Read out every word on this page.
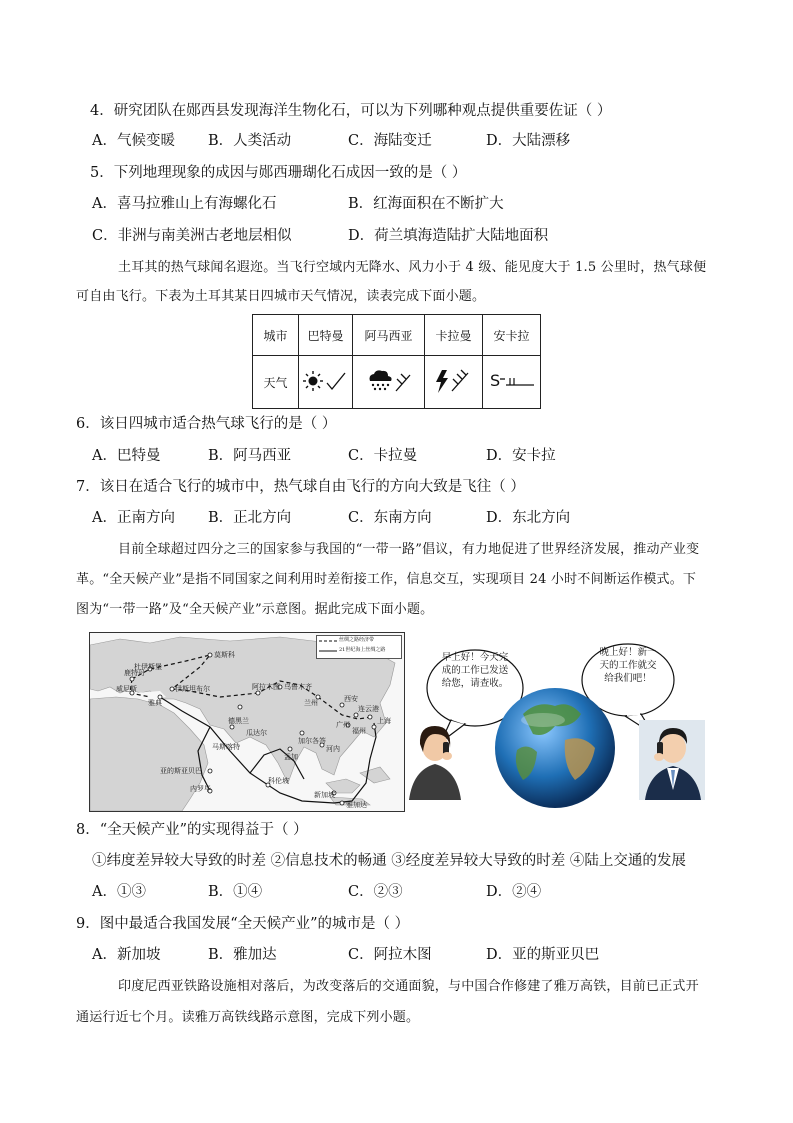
4．研究团队在郧西县发现海洋生物化石，可以为下列哪种观点提供重要佐证（ ）
A．气候变暖 B．人类活动	C．海陆变迁	D．大陆漂移
5．下列地理现象的成因与郧西珊瑚化石成因一致的是（ ）
A．喜马拉雅山上有海螺化石	B．红海面积在不断扩大
C．非洲与南美洲古老地层相似	D．荷兰填海造陆扩大陆地面积
土耳其的热气球闻名遐迩。当飞行空域内无降水、风力小于 4 级、能见度大于 1.5 公里时，热气球便
可自由飞行。下表为土耳其某日四城市天气情况，读表完成下面小题。
城市	巴特曼	阿马西亚	卡拉曼	安卡拉
天气				S
6．该日四城市适合热气球飞行的是（ ）
A．巴特曼	B．阿马西亚	C．卡拉曼	D．安卡拉
7．该日在适合飞行的城市中，热气球自由飞行的方向大致是飞往（ ）
A．正南方向 B．正北方向	C．东南方向	D．东北方向
目前全球超过四分之三的国家参与我国的“一带一路”倡议，有力地促进了世界经济发展，推动产业变
革。“全天候产业”是指不同国家之间利用时差衔接工作，信息交互，实现项目 24 小时不间断运作模式。下
图为“一带一路”及“全天候产业”示意图。据此完成下面小题。
丝绸之路经济带
21世纪海上丝绸之路
莫斯科
鹿特丹
杜伊斯堡
威尼斯	伊斯坦布尔
雅典
阿拉木图 乌鲁木齐
兰州	西安
连云港
上海
福州
广州
德黑兰
瓜达尔
加尔各答
孟加
马斯喀特	河内
科伦坡
亚的斯亚贝巴
内罗毕
新加坡
雅加达
早上好！今天完
成的工作已发送
给您，请查收。
晚上好！新一
天的工作就交
给我们吧！
8．“全天候产业”的实现得益于（ ）
①纬度差异较大导致的时差 ②信息技术的畅通 ③经度差异较大导致的时差 ④陆上交通的发展
A．①③	B．①④	C．②③	D．②④
9．图中最适合我国发展“全天候产业”的城市是（ ）
A．新加坡	B．雅加达	C．阿拉木图	D．亚的斯亚贝巴
印度尼西亚铁路设施相对落后，为改变落后的交通面貌，与中国合作修建了雅万高铁，目前已正式开
通运行近七个月。读雅万高铁线路示意图，完成下列小题。
